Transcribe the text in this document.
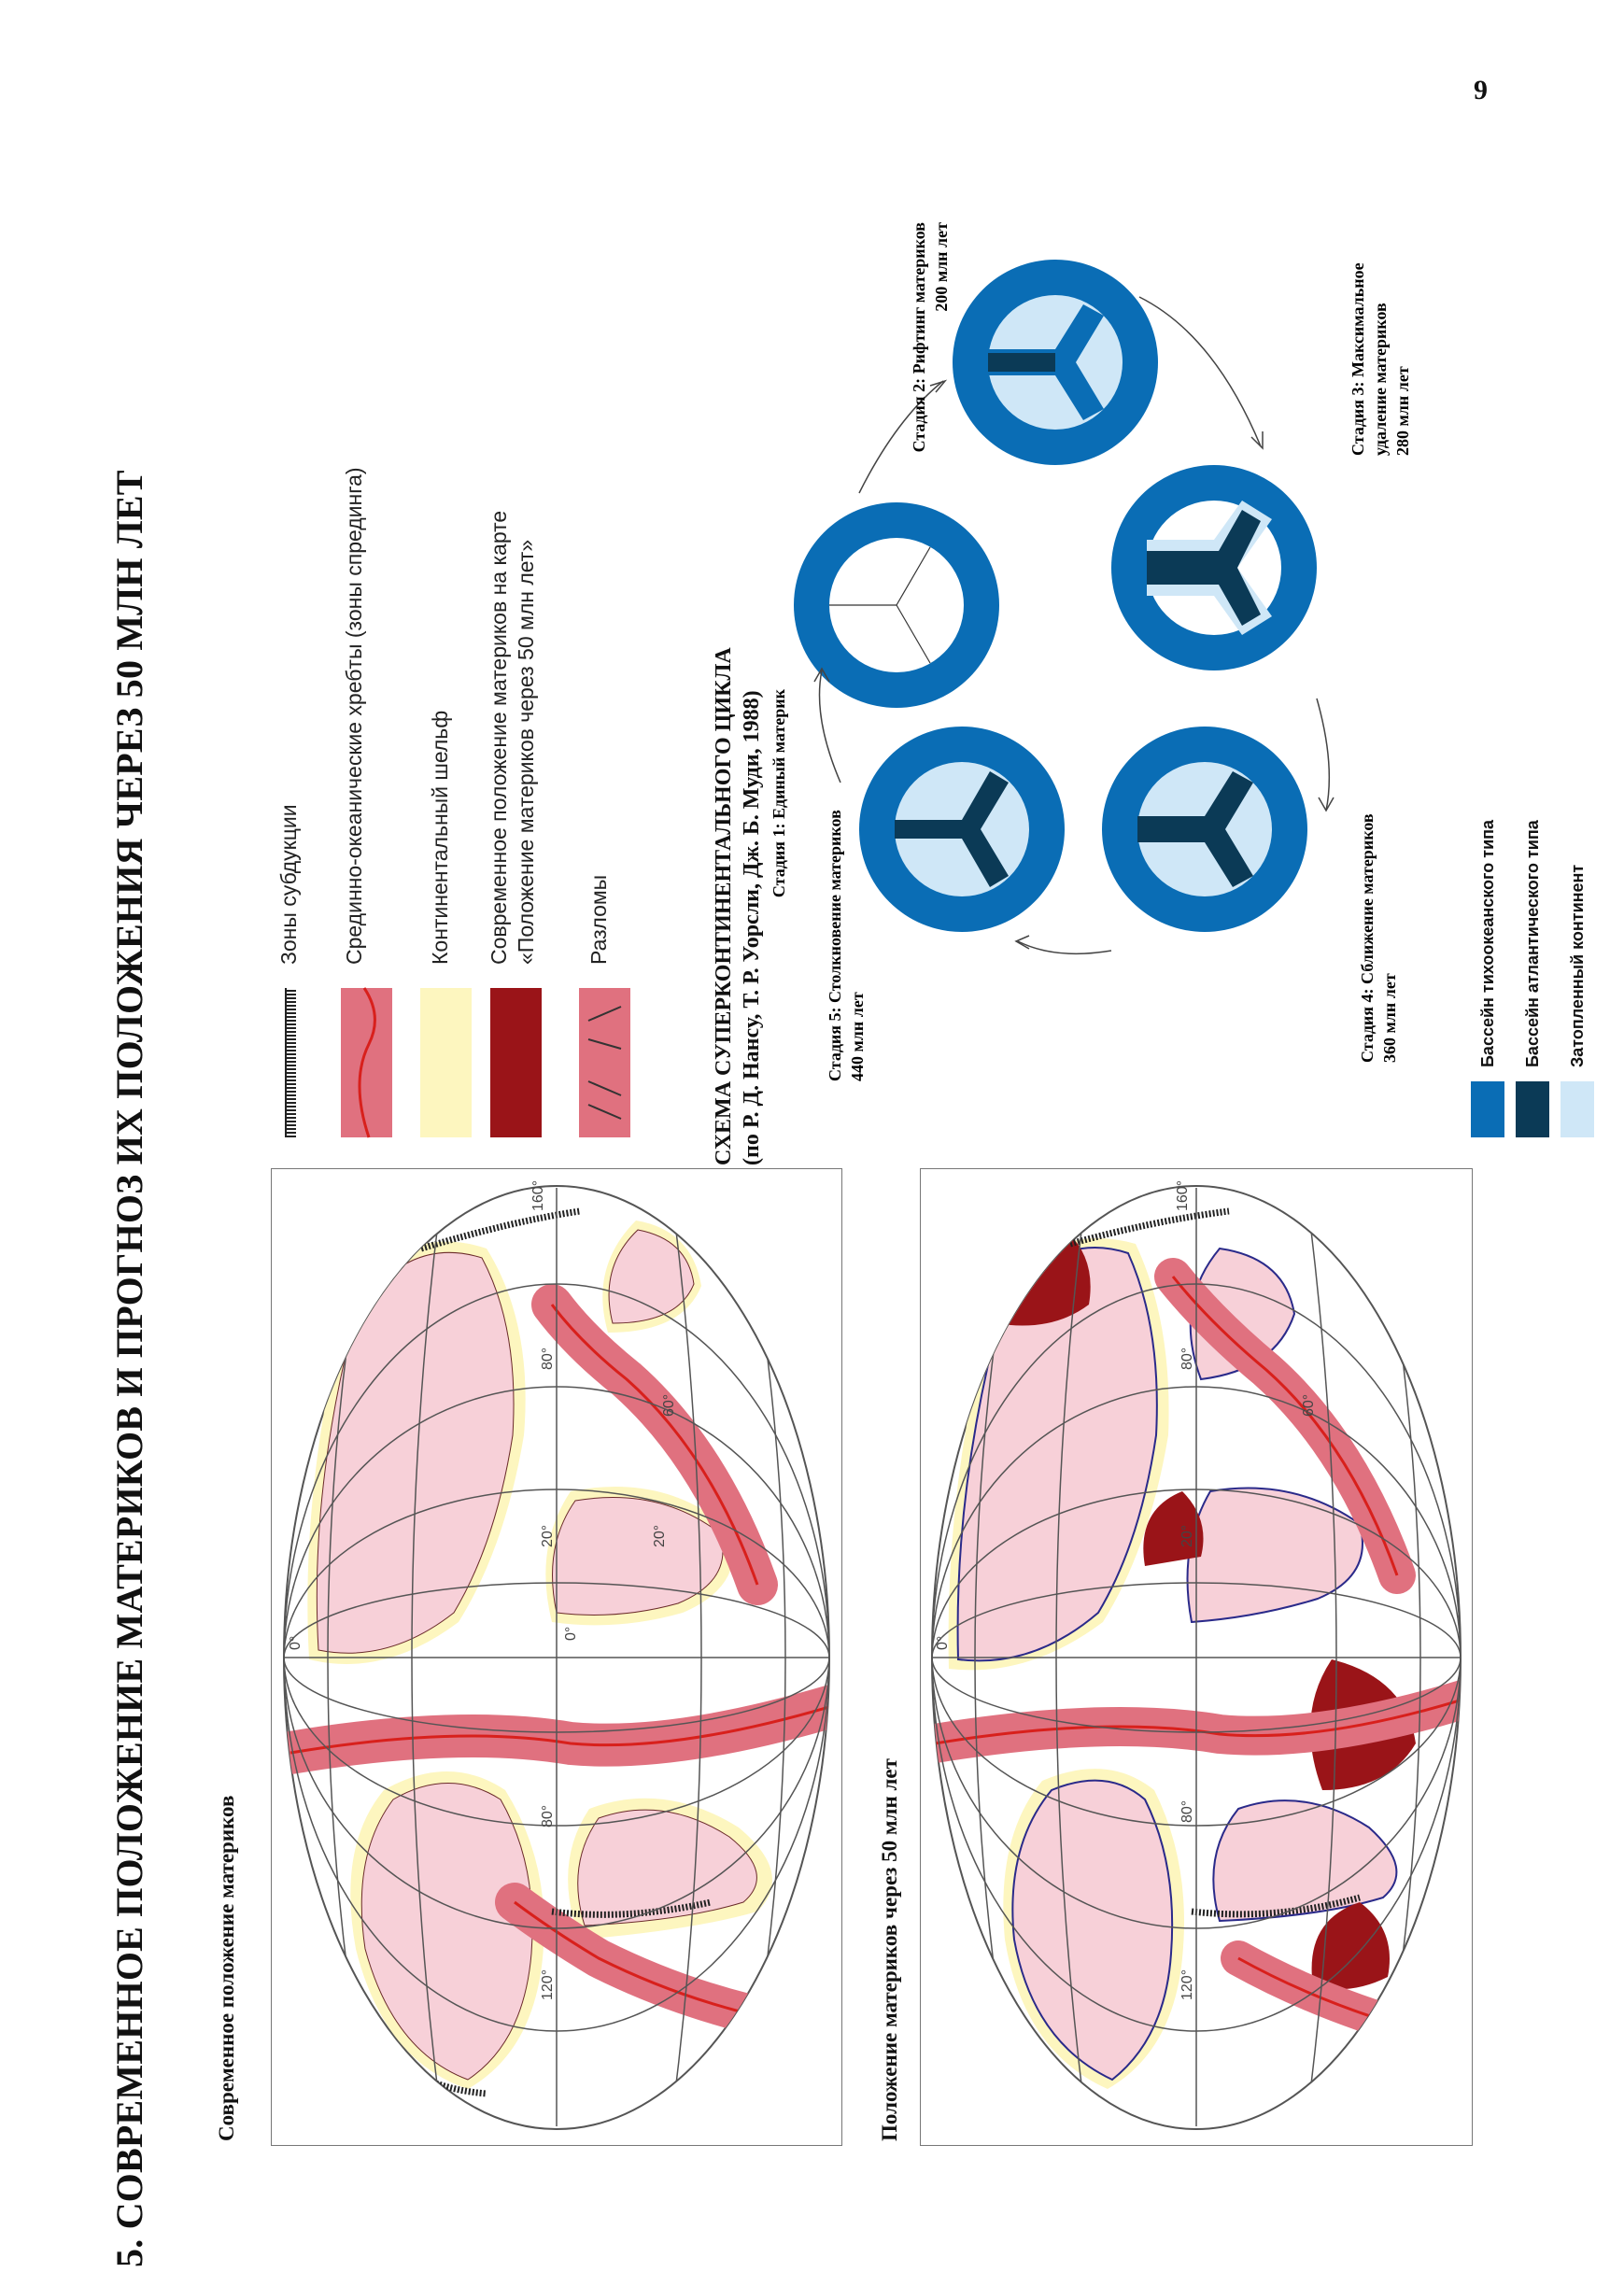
9
5. СОВРЕМЕННОЕ ПОЛОЖЕНИЕ МАТЕРИКОВ И ПРОГНОЗ ИХ ПОЛОЖЕНИЯ ЧЕРЕЗ 50 МЛН ЛЕТ	Современное положение материков
0°
20°	20°
60°
80°
160°
0°
80°
120°	Положение материков через 50 млн лет
0°
20°
60°
80°
160°
80°
120°
Зоны субдукции Срединно-океанические хребты (зоны спрединга)	Континентальный шельф Современное положение материков на карте «Положение материков через 50 млн лет» Разломы	СХЕМА СУПЕРКОНТИНЕНТАЛЬНОГО ЦИКЛА (по Р. Д. Нансу, Т. Р. Уорсли, Дж. Б. Муди, 1988) Стадия 1: Единый материк
Стадия 2: Рифтинг материков 200 млн лет	Стадия 3: Максимальное удаление материков 280 млн лет
Стадия 4: Сближение материков 360 млн лет
Стадия 5: Столкновение материков 440 млн лет	Бассейн тихоокеанского типа Бассейн атлантического типа Затопленный континент
